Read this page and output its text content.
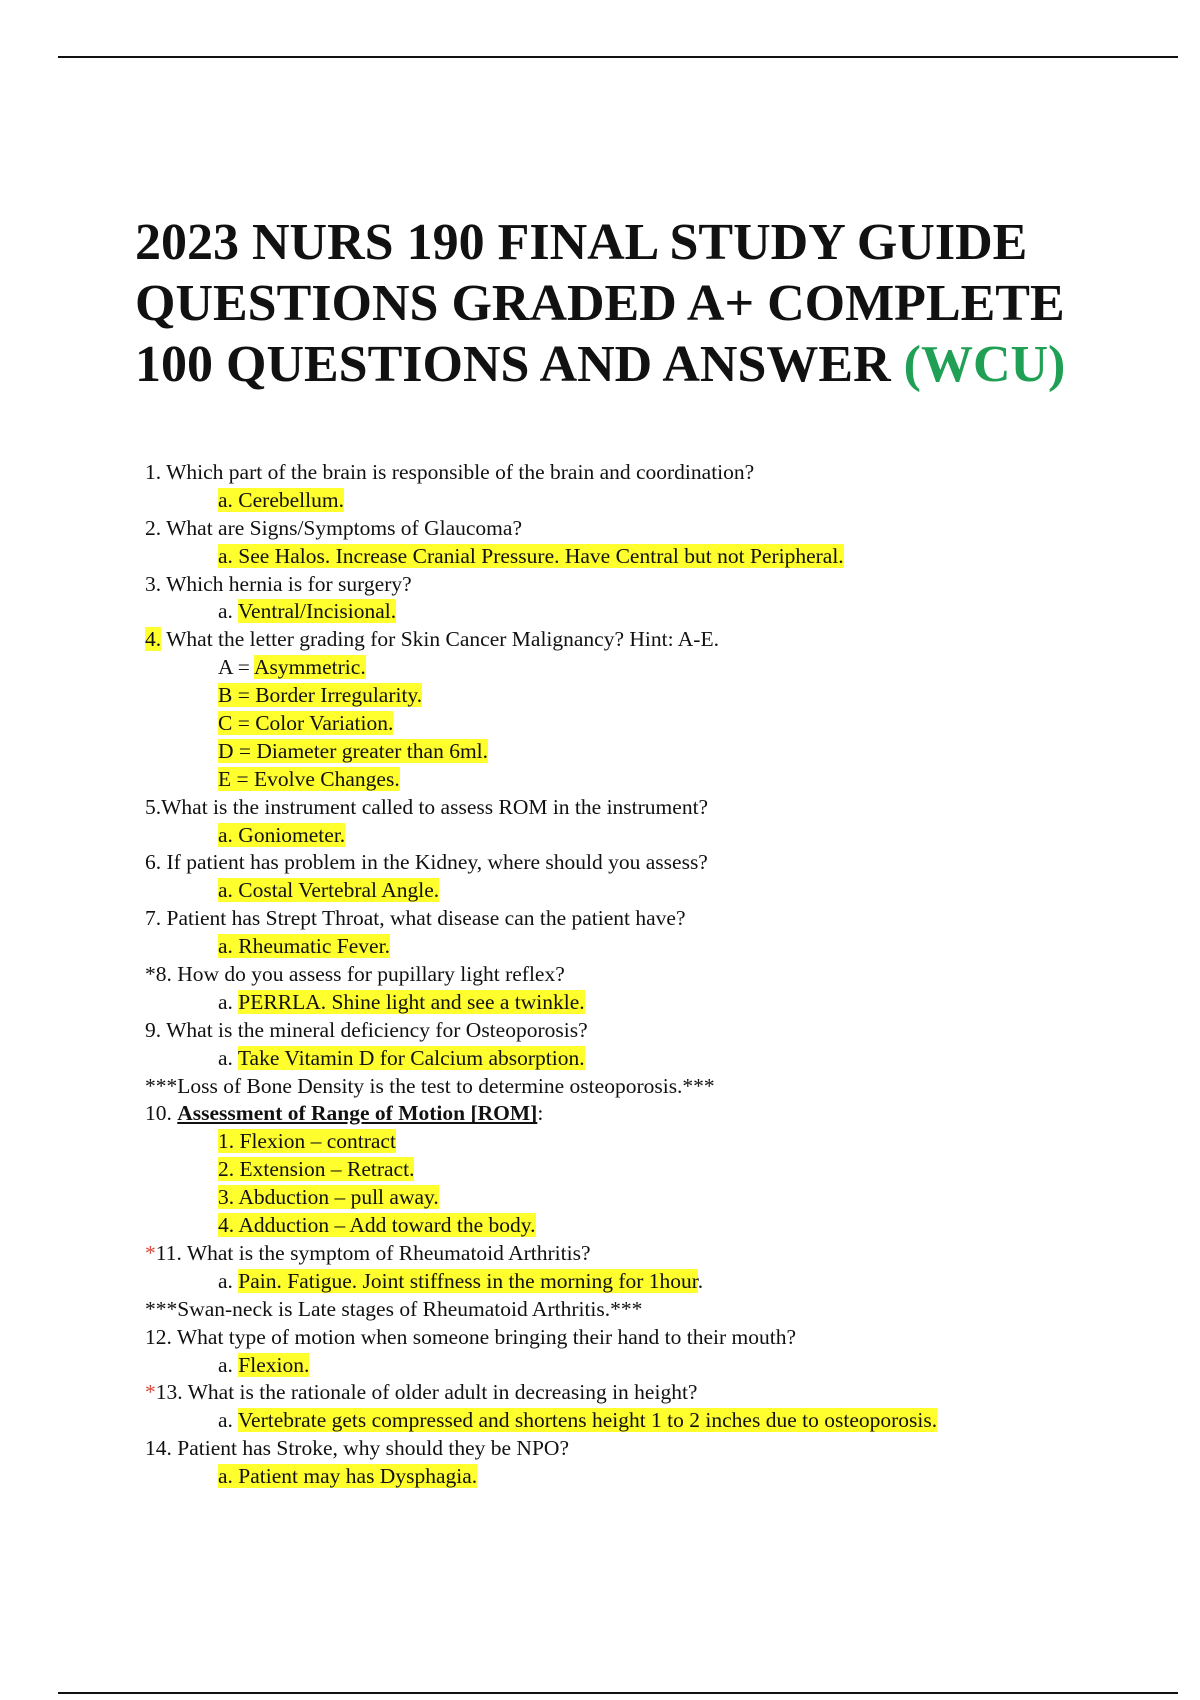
2023 NURS 190 FINAL STUDY GUIDE
QUESTIONS GRADED A+ COMPLETE
100 QUESTIONS AND ANSWER (WCU)
1. Which part of the brain is responsible of the brain and coordination?
a. Cerebellum.
2. What are Signs/Symptoms of Glaucoma?
a. See Halos. Increase Cranial Pressure. Have Central but not Peripheral.
3. Which hernia is for surgery?
a. Ventral/Incisional.
4. What the letter grading for Skin Cancer Malignancy? Hint: A-E.
A = Asymmetric.
B = Border Irregularity.
C = Color Variation.
D = Diameter greater than 6ml.
E = Evolve Changes.
5.What is the instrument called to assess ROM in the instrument?
a. Goniometer.
6. If patient has problem in the Kidney, where should you assess?
a. Costal Vertebral Angle.
7. Patient has Strept Throat, what disease can the patient have?
a. Rheumatic Fever.
*8. How do you assess for pupillary light reflex?
a. PERRLA. Shine light and see a twinkle.
9. What is the mineral deficiency for Osteoporosis?
a. Take Vitamin D for Calcium absorption.
***Loss of Bone Density is the test to determine osteoporosis.***
10. Assessment of Range of Motion [ROM]:
1. Flexion – contract
2. Extension – Retract.
3. Abduction – pull away.
4. Adduction – Add toward the body.
*11. What is the symptom of Rheumatoid Arthritis?
a. Pain. Fatigue. Joint stiffness in the morning for 1hour.
***Swan-neck is Late stages of Rheumatoid Arthritis.***
12. What type of motion when someone bringing their hand to their mouth?
a. Flexion.
*13. What is the rationale of older adult in decreasing in height?
a. Vertebrate gets compressed and shortens height 1 to 2 inches due to osteoporosis.
14. Patient has Stroke, why should they be NPO?
a. Patient may has Dysphagia.
